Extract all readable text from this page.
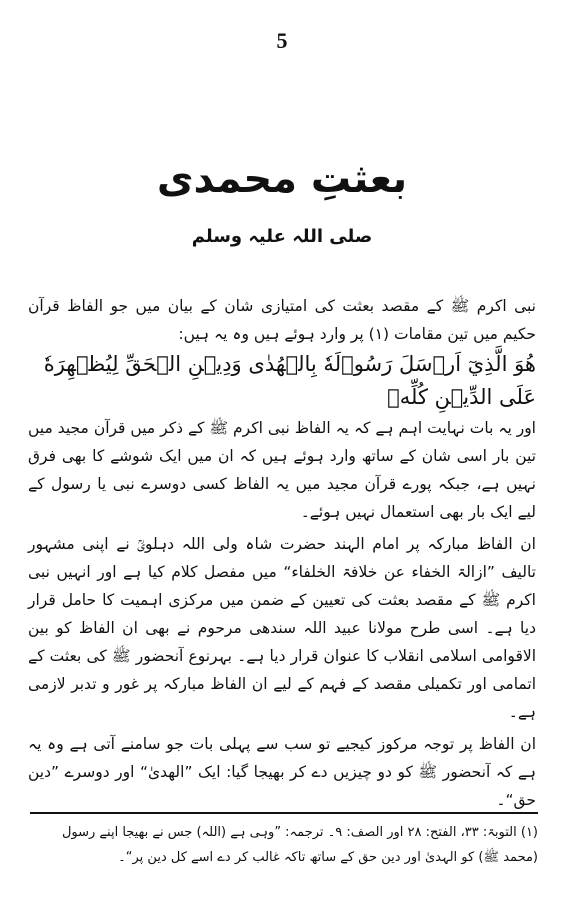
5
بعثتِ محمدی
صلی اللہ علیہ وسلم

نبی اکرم ﷺ کے مقصد بعثت کی امتیازی شان کے بیان میں جو الفاظ قرآن حکیم میں تین مقامات (۱) پر وارد ہوئے ہیں وہ یہ ہیں:

هُوَ الَّذِيٓ اَرۡسَلَ رَسُوۡلَهٗ بِالۡهُدٰى وَدِيۡنِ الۡحَقِّ لِيُظۡهِرَهٗ عَلَى الدِّيۡنِ كُلِّهٖ

اور یہ بات نہایت اہم ہے کہ یہ الفاظ نبی اکرم ﷺ کے ذکر میں قرآن مجید میں تین بار اسی شان کے ساتھ وارد ہوئے ہیں کہ ان میں ایک شوشے کا بھی فرق نہیں ہے، جبکہ پورے قرآن مجید میں یہ الفاظ کسی دوسرے نبی یا رسول کے لیے ایک بار بھی استعمال نہیں ہوئے۔

ان الفاظ مبارکہ پر امام الہند حضرت شاہ ولی اللہ دہلویؒ نے اپنی مشہور تالیف ”ازالۃ الخفاء عن خلافۃ الخلفاء“ میں مفصل کلام کیا ہے اور انہیں نبی اکرم ﷺ کے مقصد بعثت کی تعیین کے ضمن میں مرکزی اہمیت کا حامل قرار دیا ہے۔ اسی طرح مولانا عبید اللہ سندھی مرحوم نے بھی ان الفاظ کو بین الاقوامی اسلامی انقلاب کا عنوان قرار دیا ہے۔ بہرنوع آنحضور ﷺ کی بعثت کے اتمامی اور تکمیلی مقصد کے فہم کے لیے ان الفاظ مبارکہ پر غور و تدبر لازمی ہے۔

ان الفاظ پر توجہ مرکوز کیجیے تو سب سے پہلی بات جو سامنے آتی ہے وہ یہ ہے کہ آنحضور ﷺ کو دو چیزیں دے کر بھیجا گیا: ایک ”الھدیٰ“ اور دوسرے ”دین حق“۔

(۱) التوبۃ: ۳۳، الفتح: ۲۸ اور الصف: ۹۔ ترجمہ: ”وہی ہے (اللہ) جس نے بھیجا اپنے رسول

(محمد ﷺ) کو الہدیٰ اور دین حق کے ساتھ تاکہ غالب کر دے اسے کل دین پر“۔
